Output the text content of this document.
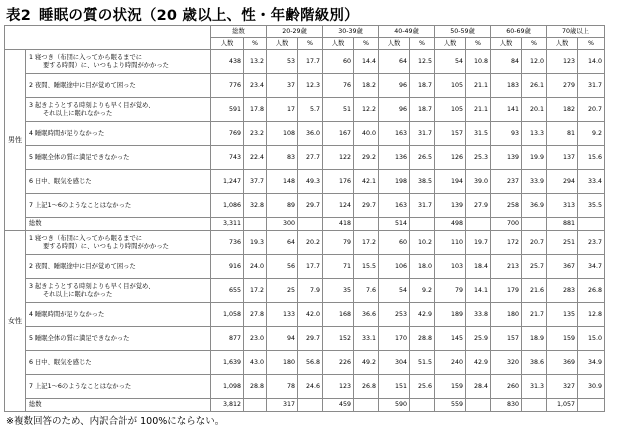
表2 睡眠の質の状況（20 歳以上、性・年齢階級別）
		総数		20-29歳		30-39歳		40-49歳		50-59歳		60-69歳		70歳以上	
		人数	%	人数	%	人数	%	人数	%	人数	%	人数	%	人数	%
男性	1 寝つき（布団に入ってから眠るまでに
要する時間）に、いつもより時間がかかった	438	13.2	53	17.7	60	14.4	64	12.5	54	10.8	84	12.0	123	14.0

	2 夜間、睡眠途中に目が覚めて困った	776	23.4	37	12.3	76	18.2	96	18.7	105	21.1	183	26.1	279	31.7

	3 起きようとする時刻よりも早く目が覚め、
それ以上に眠れなかった	591	17.8	17	5.7	51	12.2	96	18.7	105	21.1	141	20.1	182	20.7

	4 睡眠時間が足りなかった	769	23.2	108	36.0	167	40.0	163	31.7	157	31.5	93	13.3	81	9.2

	5 睡眠全体の質に満足できなかった	743	22.4	83	27.7	122	29.2	136	26.5	126	25.3	139	19.9	137	15.6

	6 日中、眠気を感じた	1,247	37.7	148	49.3	176	42.1	198	38.5	194	39.0	237	33.9	294	33.4

	7 上記1～6のようなことはなかった	1,086	32.8	89	29.7	124	29.7	163	31.7	139	27.9	258	36.9	313	35.5
	総数	3,311		300		418		514		498		700		881	
女性	1 寝つき（布団に入ってから眠るまでに
要する時間）に、いつもより時間がかかった	736	19.3	64	20.2	79	17.2	60	10.2	110	19.7	172	20.7	251	23.7

	2 夜間、睡眠途中に目が覚めて困った	916	24.0	56	17.7	71	15.5	106	18.0	103	18.4	213	25.7	367	34.7

	3 起きようとする時刻よりも早く目が覚め、
それ以上に眠れなかった	655	17.2	25	7.9	35	7.6	54	9.2	79	14.1	179	21.6	283	26.8

	4 睡眠時間が足りなかった	1,058	27.8	133	42.0	168	36.6	253	42.9	189	33.8	180	21.7	135	12.8

	5 睡眠全体の質に満足できなかった	877	23.0	94	29.7	152	33.1	170	28.8	145	25.9	157	18.9	159	15.0

	6 日中、眠気を感じた	1,639	43.0	180	56.8	226	49.2	304	51.5	240	42.9	320	38.6	369	34.9

	7 上記1～6のようなことはなかった	1,098	28.8	78	24.6	123	26.8	151	25.6	159	28.4	260	31.3	327	30.9
	総数	3,812		317		459		590		559		830		1,057	
※複数回答のため、内訳合計が 100%にならない。
